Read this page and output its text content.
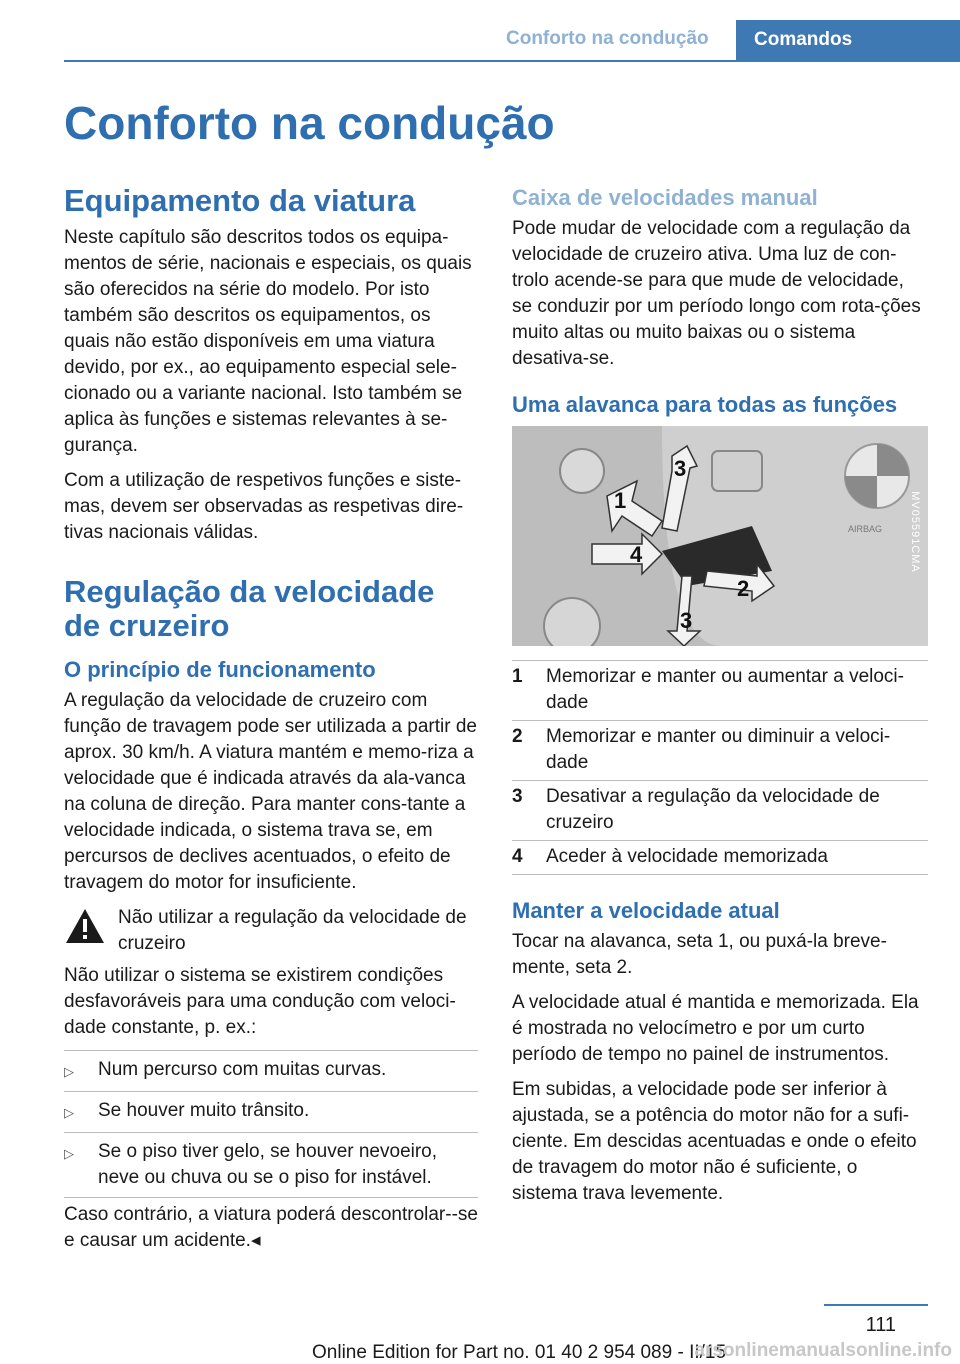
Conforto na condução	Comandos
Conforto na condução
Equipamento da viatura

Neste capítulo são descritos todos os equipa-mentos de série, nacionais e especiais, os quais são oferecidos na série do modelo. Por isto também são descritos os equipamentos, os quais não estão disponíveis em uma viatura devido, por ex., ao equipamento especial sele-cionado ou a variante nacional. Isto também se aplica às funções e sistemas relevantes à se-gurança.

Com a utilização de respetivos funções e siste-mas, devem ser observadas as respetivas dire-tivas nacionais válidas.

Regulação da velocidade de cruzeiro
O princípio de funcionamento

A regulação da velocidade de cruzeiro com função de travagem pode ser utilizada a partir de aprox. 30 km/h. A viatura mantém e memo-riza a velocidade que é indicada através da ala-vanca na coluna de direção. Para manter cons-tante a velocidade indicada, o sistema trava se, em percursos de declives acentuados, o efeito de travagem do motor for insuficiente.

Não utilizar a regulação da velocidade de cruzeiro

Não utilizar o sistema se existirem condições desfavoráveis para uma condução com veloci-dade constante, p. ex.:

▷	Num percurso com muitas curvas.
▷	Se houver muito trânsito.
▷	Se o piso tiver gelo, se houver nevoeiro, neve ou chuva ou se o piso for instável.

Caso contrário, a viatura poderá descontrolar--se e causar um acidente.◂

Caixa de velocidades manual

Pode mudar de velocidade com a regulação da velocidade de cruzeiro ativa. Uma luz de con-trolo acende-se para que mude de velocidade, se conduzir por um período longo com rota-ções muito altas ou muito baixas ou o sistema desativa-se.

Uma alavanca para todas as funções
AIRBAG
1
2
3
4
3
MV05591CMA
1	Memorizar e manter ou aumentar a veloci-dade
2	Memorizar e manter ou diminuir a veloci-dade
3	Desativar a regulação da velocidade de cruzeiro
4	Aceder à velocidade memorizada
Manter a velocidade atual

Tocar na alavanca, seta 1, ou puxá-la breve-mente, seta 2.

A velocidade atual é mantida e memorizada. Ela é mostrada no velocímetro e por um curto período de tempo no painel de instrumentos.

Em subidas, a velocidade pode ser inferior à ajustada, se a potência do motor não for a sufi-ciente. Em descidas acentuadas e onde o efeito de travagem do motor não é suficiente, o sistema trava levemente.

111
Online Edition for Part no. 01 40 2 954 089 - II/15
arsonlinemanualsonline.info
